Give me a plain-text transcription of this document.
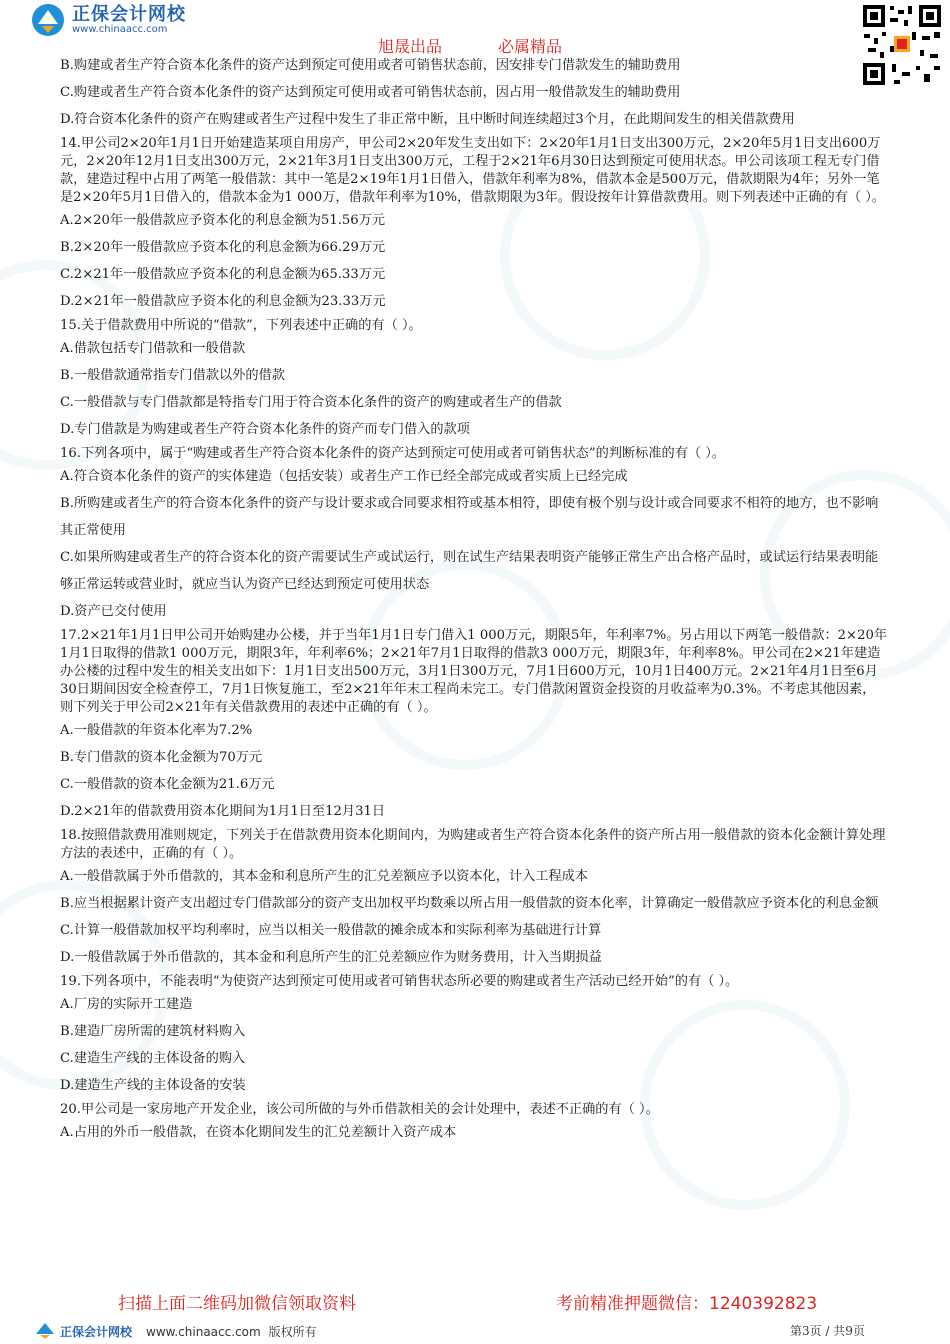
正保会计网校
www.chinaacc.com
旭晟出品	必属精品

B.购建或者生产符合资本化条件的资产达到预定可使用或者可销售状态前，因安排专门借款发生的辅助费用
C.购建或者生产符合资本化条件的资产达到预定可使用或者可销售状态前，因占用一般借款发生的辅助费用
D.符合资本化条件的资产在购建或者生产过程中发生了非正常中断，且中断时间连续超过3个月，在此期间发生的相关借款费用
14.甲公司2×20年1月1日开始建造某项自用房产，甲公司2×20年发生支出如下：2×20年1月1日支出300万元，2×20年5月1日支出600万元，2×20年12月1日支出300万元，2×21年3月1日支出300万元，工程于2×21年6月30日达到预定可使用状态。甲公司该项工程无专门借款，建造过程中占用了两笔一般借款：其中一笔是2×19年1月1日借入，借款年利率为8%，借款本金是500万元，借款期限为4年；另外一笔是2×20年5月1日借入的，借款本金为1 000万，借款年利率为10%，借款期限为3年。假设按年计算借款费用。则下列表述中正确的有（ ）。
A.2×20年一般借款应予资本化的利息金额为51.56万元
B.2×20年一般借款应予资本化的利息金额为66.29万元
C.2×21年一般借款应予资本化的利息金额为65.33万元
D.2×21年一般借款应予资本化的利息金额为23.33万元
15.关于借款费用中所说的“借款”，下列表述中正确的有（ ）。
A.借款包括专门借款和一般借款
B.一般借款通常指专门借款以外的借款
C.一般借款与专门借款都是特指专门用于符合资本化条件的资产的购建或者生产的借款
D.专门借款是为购建或者生产符合资本化条件的资产而专门借入的款项
16.下列各项中，属于“购建或者生产符合资本化条件的资产达到预定可使用或者可销售状态”的判断标准的有（ ）。
A.符合资本化条件的资产的实体建造（包括安装）或者生产工作已经全部完成或者实质上已经完成
B.所购建或者生产的符合资本化条件的资产与设计要求或合同要求相符或基本相符，即使有极个别与设计或合同要求不相符的地方，也不影响其正常使用
C.如果所购建或者生产的符合资本化的资产需要试生产或试运行，则在试生产结果表明资产能够正常生产出合格产品时，或试运行结果表明能够正常运转或营业时，就应当认为资产已经达到预定可使用状态
D.资产已交付使用
17.2×21年1月1日甲公司开始购建办公楼，并于当年1月1日专门借入1 000万元，期限5年，年利率7%。另占用以下两笔一般借款：2×20年1月1日取得的借款1 000万元，期限3年，年利率6%；2×21年7月1日取得的借款3 000万元，期限3年，年利率8%。甲公司在2×21年建造办公楼的过程中发生的相关支出如下：1月1日支出500万元，3月1日300万元，7月1日600万元，10月1日400万元。2×21年4月1日至6月30日期间因安全检查停工，7月1日恢复施工，至2×21年年末工程尚未完工。专门借款闲置资金投资的月收益率为0.3%。不考虑其他因素，则下列关于甲公司2×21年有关借款费用的表述中正确的有（ ）。
A.一般借款的年资本化率为7.2%
B.专门借款的资本化金额为70万元
C.一般借款的资本化金额为21.6万元
D.2×21年的借款费用资本化期间为1月1日至12月31日
18.按照借款费用准则规定，下列关于在借款费用资本化期间内，为购建或者生产符合资本化条件的资产所占用一般借款的资本化金额计算处理方法的表述中，正确的有（ ）。
A.一般借款属于外币借款的，其本金和利息所产生的汇兑差额应予以资本化，计入工程成本
B.应当根据累计资产支出超过专门借款部分的资产支出加权平均数乘以所占用一般借款的资本化率，计算确定一般借款应予资本化的利息金额
C.计算一般借款加权平均利率时，应当以相关一般借款的摊余成本和实际利率为基础进行计算
D.一般借款属于外币借款的，其本金和利息所产生的汇兑差额应作为财务费用，计入当期损益
19.下列各项中，不能表明“为使资产达到预定可使用或者可销售状态所必要的购建或者生产活动已经开始”的有（ ）。
A.厂房的实际开工建造
B.建造厂房所需的建筑材料购入
C.建造生产线的主体设备的购入
D.建造生产线的主体设备的安装
20.甲公司是一家房地产开发企业，该公司所做的与外币借款相关的会计处理中，表述不正确的有（ ）。
A.占用的外币一般借款，在资本化期间发生的汇兑差额计入资产成本
扫描上面二维码加微信领取资料	考前精准押题微信：1240392823
正保会计网校 www.chinaacc.com 版权所有	第3页 / 共9页
